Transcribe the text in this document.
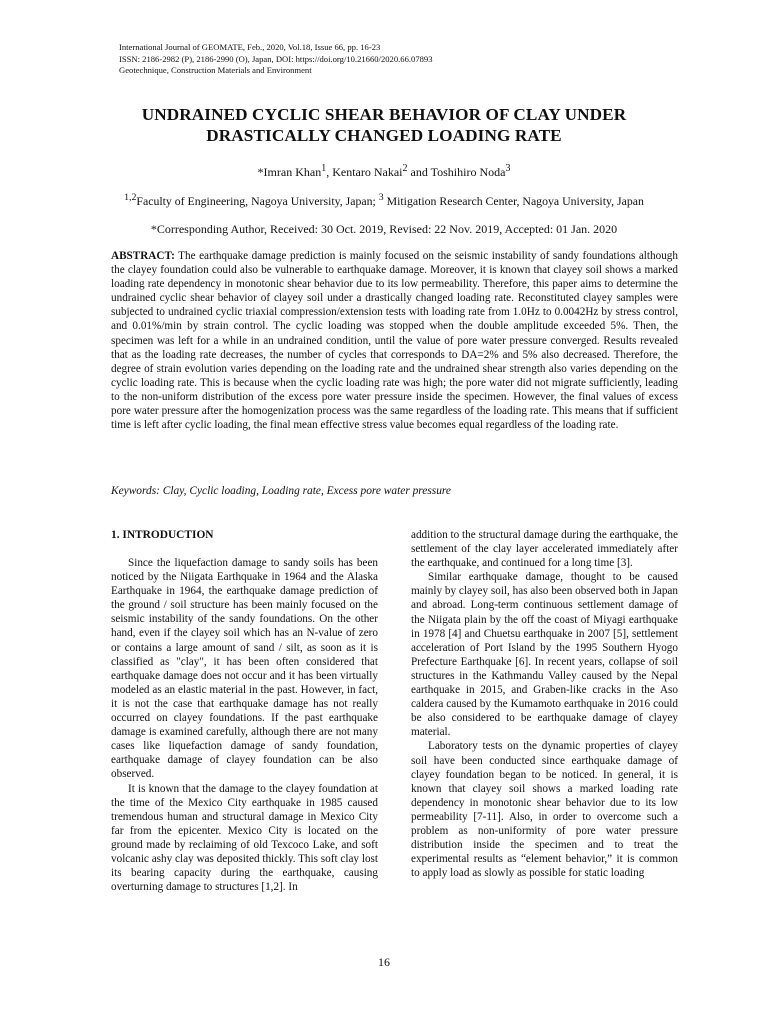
International Journal of GEOMATE, Feb., 2020, Vol.18, Issue 66, pp. 16-23
ISSN: 2186-2982 (P), 2186-2990 (O), Japan, DOI: https://doi.org/10.21660/2020.66.07893
Geotechnique, Construction Materials and Environment
UNDRAINED CYCLIC SHEAR BEHAVIOR OF CLAY UNDER
DRASTICALLY CHANGED LOADING RATE
*Imran Khan$^1$, Kentaro Nakai$^2$ and Toshihiro Noda$^3$
$^{1,2}$Faculty of Engineering, Nagoya University, Japan; $^3$ Mitigation Research Center, Nagoya University, Japan
*Corresponding Author, Received: 30 Oct. 2019, Revised: 22 Nov. 2019, Accepted: 01 Jan. 2020
ABSTRACT: The earthquake damage prediction is mainly focused on the seismic instability of sandy foundations although the clayey foundation could also be vulnerable to earthquake damage. Moreover, it is known that clayey soil shows a marked loading rate dependency in monotonic shear behavior due to its low permeability. Therefore, this paper aims to determine the undrained cyclic shear behavior of clayey soil under a drastically changed loading rate. Reconstituted clayey samples were subjected to undrained cyclic triaxial compression/extension tests with loading rate from 1.0Hz to 0.0042Hz by stress control, and 0.01%/min by strain control. The cyclic loading was stopped when the double amplitude exceeded 5%. Then, the specimen was left for a while in an undrained condition, until the value of pore water pressure converged. Results revealed that as the loading rate decreases, the number of cycles that corresponds to DA=2% and 5% also decreased. Therefore, the degree of strain evolution varies depending on the loading rate and the undrained shear strength also varies depending on the cyclic loading rate. This is because when the cyclic loading rate was high; the pore water did not migrate sufficiently, leading to the non-uniform distribution of the excess pore water pressure inside the specimen. However, the final values of excess pore water pressure after the homogenization process was the same regardless of the loading rate. This means that if sufficient time is left after cyclic loading, the final mean effective stress value becomes equal regardless of the loading rate.
Keywords: Clay, Cyclic loading, Loading rate, Excess pore water pressure
1. INTRODUCTION

Since the liquefaction damage to sandy soils has been noticed by the Niigata Earthquake in 1964 and the Alaska Earthquake in 1964, the earthquake damage prediction of the ground / soil structure has been mainly focused on the seismic instability of the sandy foundations. On the other hand, even if the clayey soil which has an N-value of zero or contains a large amount of sand / silt, as soon as it is classified as "clay", it has been often considered that earthquake damage does not occur and it has been virtually modeled as an elastic material in the past. However, in fact, it is not the case that earthquake damage has not really occurred on clayey foundations. If the past earthquake damage is examined carefully, although there are not many cases like liquefaction damage of sandy foundation, earthquake damage of clayey foundation can be also observed.

It is known that the damage to the clayey foundation at the time of the Mexico City earthquake in 1985 caused tremendous human and structural damage in Mexico City far from the epicenter. Mexico City is located on the ground made by reclaiming of old Texcoco Lake, and soft volcanic ashy clay was deposited thickly. This soft clay lost its bearing capacity during the earthquake, causing overturning damage to structures [1,2]. In

addition to the structural damage during the earthquake, the settlement of the clay layer accelerated immediately after the earthquake, and continued for a long time [3].

Similar earthquake damage, thought to be caused mainly by clayey soil, has also been observed both in Japan and abroad. Long-term continuous settlement damage of the Niigata plain by the off the coast of Miyagi earthquake in 1978 [4] and Chuetsu earthquake in 2007 [5], settlement acceleration of Port Island by the 1995 Southern Hyogo Prefecture Earthquake [6]. In recent years, collapse of soil structures in the Kathmandu Valley caused by the Nepal earthquake in 2015, and Graben-like cracks in the Aso caldera caused by the Kumamoto earthquake in 2016 could be also considered to be earthquake damage of clayey material.

Laboratory tests on the dynamic properties of clayey soil have been conducted since earthquake damage of clayey foundation began to be noticed. In general, it is known that clayey soil shows a marked loading rate dependency in monotonic shear behavior due to its low permeability [7-11]. Also, in order to overcome such a problem as non-uniformity of pore water pressure distribution inside the specimen and to treat the experimental results as “element behavior,” it is common to apply load as slowly as possible for static loading

16
